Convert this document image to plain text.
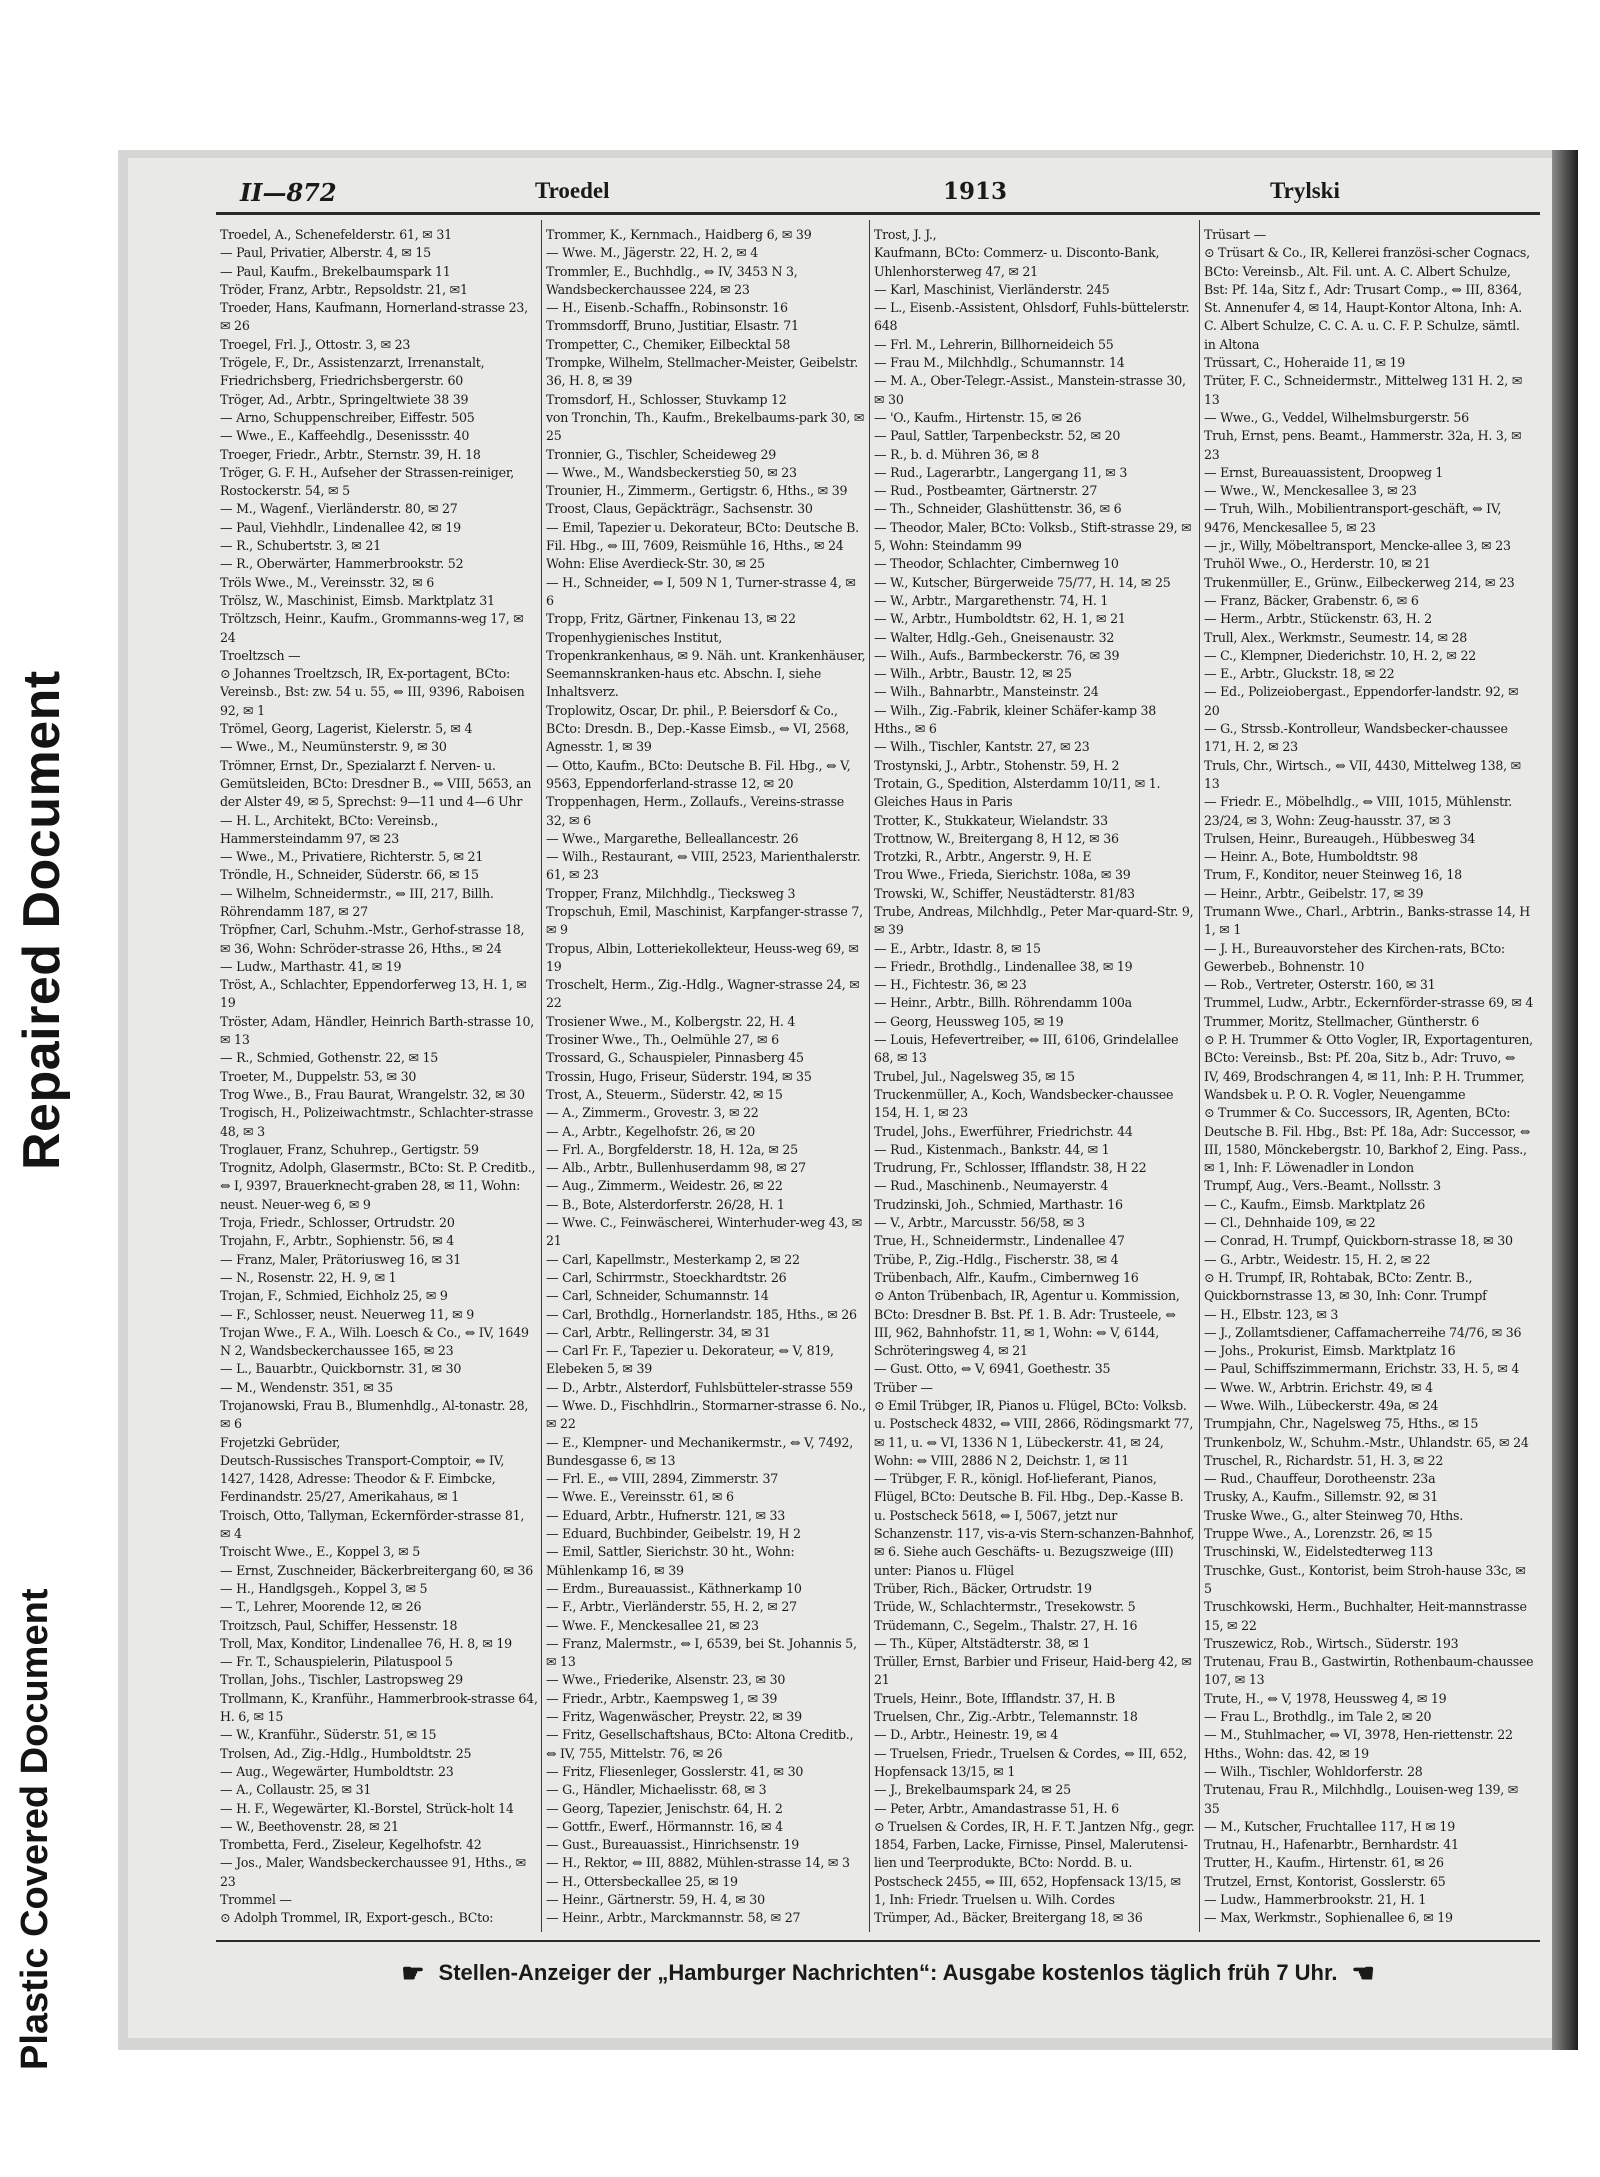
Repaired Document
Plastic Covered Document
II—872	Troedel	1913	Trylski
Troedel, A., Schenefelderstr. 61, ✉ 31
— Paul, Privatier, Alberstr. 4, ✉ 15
— Paul, Kaufm., Brekelbaumspark 11
Tröder, Franz, Arbtr., Repsoldstr. 21, ✉1
Troeder, Hans, Kaufmann, Hornerland-strasse 23, ✉ 26
Troegel, Frl. J., Ottostr. 3, ✉ 23
Trögele, F., Dr., Assistenzarzt, Irrenanstalt, Friedrichsberg, Friedrichsbergerstr. 60
Tröger, Ad., Arbtr., Springeltwiete 38 39
— Arno, Schuppenschreiber, Eiffestr. 505
— Wwe., E., Kaffeehdlg., Desenissstr. 40
Troeger, Friedr., Arbtr., Sternstr. 39, H. 18
Tröger, G. F. H., Aufseher der Strassen-reiniger, Rostockerstr. 54, ✉ 5
— M., Wagenf., Vierländerstr. 80, ✉ 27
— Paul, Viehhdlr., Lindenallee 42, ✉ 19
— R., Schubertstr. 3, ✉ 21
— R., Oberwärter, Hammerbrookstr. 52
Tröls Wwe., M., Vereinsstr. 32, ✉ 6
Trölsz, W., Maschinist, Eimsb. Marktplatz 31
Tröltzsch, Heinr., Kaufm., Grommanns-weg 17, ✉ 24
Troeltzsch —
⊙ Johannes Troeltzsch, IR, Ex-portagent, BCto: Vereinsb., Bst: zw. 54 u. 55, ⇔ III, 9396, Raboisen 92, ✉ 1
Trömel, Georg, Lagerist, Kielerstr. 5, ✉ 4
— Wwe., M., Neumünsterstr. 9, ✉ 30
Trömner, Ernst, Dr., Spezialarzt f. Nerven- u. Gemütsleiden, BCto: Dresdner B., ⇔ VIII, 5653, an der Alster 49, ✉ 5, Sprechst: 9—11 und 4—6 Uhr
— H. L., Architekt, BCto: Vereinsb., Hammersteindamm 97, ✉ 23
— Wwe., M., Privatiere, Richterstr. 5, ✉ 21
Tröndle, H., Schneider, Süderstr. 66, ✉ 15
— Wilhelm, Schneidermstr., ⇔ III, 217, Billh. Röhrendamm 187, ✉ 27
Tröpfner, Carl, Schuhm.-Mstr., Gerhof-strasse 18, ✉ 36, Wohn: Schröder-strasse 26, Hths., ✉ 24
— Ludw., Marthastr. 41, ✉ 19
Tröst, A., Schlachter, Eppendorferweg 13, H. 1, ✉ 19
Tröster, Adam, Händler, Heinrich Barth-strasse 10, ✉ 13
— R., Schmied, Gothenstr. 22, ✉ 15
Troeter, M., Duppelstr. 53, ✉ 30
Trog Wwe., B., Frau Baurat, Wrangelstr. 32, ✉ 30
Trogisch, H., Polizeiwachtmstr., Schlachter-strasse 48, ✉ 3
Troglauer, Franz, Schuhrep., Gertigstr. 59
Trognitz, Adolph, Glasermstr., BCto: St. P. Creditb., ⇔ I, 9397, Brauerknecht-graben 28, ✉ 11, Wohn: neust. Neuer-weg 6, ✉ 9
Troja, Friedr., Schlosser, Ortrudstr. 20
Trojahn, F., Arbtr., Sophienstr. 56, ✉ 4
— Franz, Maler, Prätoriusweg 16, ✉ 31
— N., Rosenstr. 22, H. 9, ✉ 1
Trojan, F., Schmied, Eichholz 25, ✉ 9
— F., Schlosser, neust. Neuerweg 11, ✉ 9
Trojan Wwe., F. A., Wilh. Loesch & Co., ⇔ IV, 1649 N 2, Wandsbeckerchaussee 165, ✉ 23
— L., Bauarbtr., Quickbornstr. 31, ✉ 30
— M., Wendenstr. 351, ✉ 35
Trojanowski, Frau B., Blumenhdlg., Al-tonastr. 28, ✉ 6
Frojetzki Gebrüder,
Deutsch-Russisches Transport-Comptoir, ⇔ IV, 1427, 1428, Adresse: Theodor & F. Eimbcke, Ferdinandstr. 25/27, Amerikahaus, ✉ 1
Troisch, Otto, Tallyman, Eckernförder-strasse 81, ✉ 4
Troischt Wwe., E., Koppel 3, ✉ 5
— Ernst, Zuschneider, Bäckerbreitergang 60, ✉ 36
— H., Handlgsgeh., Koppel 3, ✉ 5
— T., Lehrer, Moorende 12, ✉ 26
Troitzsch, Paul, Schiffer, Hessenstr. 18
Troll, Max, Konditor, Lindenallee 76, H. 8, ✉ 19
— Fr. T., Schauspielerin, Pilatuspool 5
Trollan, Johs., Tischler, Lastropsweg 29
Trollmann, K., Kranführ., Hammerbrook-strasse 64, H. 6, ✉ 15
— W., Kranführ., Süderstr. 51, ✉ 15
Trolsen, Ad., Zig.-Hdlg., Humboldtstr. 25
— Aug., Wegewärter, Humboldtstr. 23
— A., Collaustr. 25, ✉ 31
— H. F., Wegewärter, Kl.-Borstel, Strück-holt 14
— W., Beethovenstr. 28, ✉ 21
Trombetta, Ferd., Ziseleur, Kegelhofstr. 42
— Jos., Maler, Wandsbeckerchaussee 91, Hths., ✉ 23
Trommel —
⊙ Adolph Trommel, IR, Export-gesch., BCto:
Trommer, K., Kernmach., Haidberg 6, ✉ 39
— Wwe. M., Jägerstr. 22, H. 2, ✉ 4
Trommler, E., Buchhdlg., ⇔ IV, 3453 N 3, Wandsbeckerchaussee 224, ✉ 23
— H., Eisenb.-Schaffn., Robinsonstr. 16
Trommsdorff, Bruno, Justitiar, Elsastr. 71
Trompetter, C., Chemiker, Eilbecktal 58
Trompke, Wilhelm, Stellmacher-Meister, Geibelstr. 36, H. 8, ✉ 39
Tromsdorf, H., Schlosser, Stuvkamp 12
von Tronchin, Th., Kaufm., Brekelbaums-park 30, ✉ 25
Tronnier, G., Tischler, Scheideweg 29
— Wwe., M., Wandsbeckerstieg 50, ✉ 23
Trounier, H., Zimmerm., Gertigstr. 6, Hths., ✉ 39
Troost, Claus, Gepäckträgr., Sachsenstr. 30
— Emil, Tapezier u. Dekorateur, BCto: Deutsche B. Fil. Hbg., ⇔ III, 7609, Reismühle 16, Hths., ✉ 24 Wohn: Elise Averdieck-Str. 30, ✉ 25
— H., Schneider, ⇔ I, 509 N 1, Turner-strasse 4, ✉ 6
Tropp, Fritz, Gärtner, Finkenau 13, ✉ 22
Tropenhygienisches Institut,
Tropenkrankenhaus, ✉ 9. Näh. unt. Krankenhäuser, Seemannskranken-haus etc. Abschn. I, siehe Inhaltsverz.
Troplowitz, Oscar, Dr. phil., P. Beiersdorf & Co., BCto: Dresdn. B., Dep.-Kasse Eimsb., ⇔ VI, 2568, Agnesstr. 1, ✉ 39
— Otto, Kaufm., BCto: Deutsche B. Fil. Hbg., ⇔ V, 9563, Eppendorferland-strasse 12, ✉ 20
Troppenhagen, Herm., Zollaufs., Vereins-strasse 32, ✉ 6
— Wwe., Margarethe, Belleallancestr. 26
— Wilh., Restaurant, ⇔ VIII, 2523, Marienthalerstr. 61, ✉ 23
Tropper, Franz, Milchhdlg., Tiecksweg 3
Tropschuh, Emil, Maschinist, Karpfanger-strasse 7, ✉ 9
Tropus, Albin, Lotteriekollekteur, Heuss-weg 69, ✉ 19
Troschelt, Herm., Zig.-Hdlg., Wagner-strasse 24, ✉ 22
Trosiener Wwe., M., Kolbergstr. 22, H. 4
Trosiner Wwe., Th., Oelmühle 27, ✉ 6
Trossard, G., Schauspieler, Pinnasberg 45
Trossin, Hugo, Friseur, Süderstr. 194, ✉ 35
Trost, A., Steuerm., Süderstr. 42, ✉ 15
— A., Zimmerm., Grovestr. 3, ✉ 22
— A., Arbtr., Kegelhofstr. 26, ✉ 20
— Frl. A., Borgfelderstr. 18, H. 12a, ✉ 25
— Alb., Arbtr., Bullenhuserdamm 98, ✉ 27
— Aug., Zimmerm., Weidestr. 26, ✉ 22
— B., Bote, Alsterdorferstr. 26/28, H. 1
— Wwe. C., Feinwäscherei, Winterhuder-weg 43, ✉ 21
— Carl, Kapellmstr., Mesterkamp 2, ✉ 22
— Carl, Schirrmstr., Stoeckhardtstr. 26
— Carl, Schneider, Schumannstr. 14
— Carl, Brothdlg., Hornerlandstr. 185, Hths., ✉ 26
— Carl, Arbtr., Rellingerstr. 34, ✉ 31
— Carl Fr. F., Tapezier u. Dekorateur, ⇔ V, 819, Elebeken 5, ✉ 39
— D., Arbtr., Alsterdorf, Fuhlsbütteler-strasse 559
— Wwe. D., Fischhdlrin., Stormarner-strasse 6. No., ✉ 22
— E., Klempner- und Mechanikermstr., ⇔ V, 7492, Bundesgasse 6, ✉ 13
— Frl. E., ⇔ VIII, 2894, Zimmerstr. 37
— Wwe. E., Vereinsstr. 61, ✉ 6
— Eduard, Arbtr., Hufnerstr. 121, ✉ 33
— Eduard, Buchbinder, Geibelstr. 19, H 2
— Emil, Sattler, Sierichstr. 30 ht., Wohn: Mühlenkamp 16, ✉ 39
— Erdm., Bureauassist., Käthnerkamp 10
— F., Arbtr., Vierländerstr. 55, H. 2, ✉ 27
— Wwe. F., Menckesallee 21, ✉ 23
— Franz, Malermstr., ⇔ I, 6539, bei St. Johannis 5, ✉ 13
— Wwe., Friederike, Alsenstr. 23, ✉ 30
— Friedr., Arbtr., Kaempsweg 1, ✉ 39
— Fritz, Wagenwäscher, Preystr. 22, ✉ 39
— Fritz, Gesellschaftshaus, BCto: Altona Creditb., ⇔ IV, 755, Mittelstr. 76, ✉ 26
— Fritz, Fliesenleger, Gosslerstr. 41, ✉ 30
— G., Händler, Michaelisstr. 68, ✉ 3
— Georg, Tapezier, Jenischstr. 64, H. 2
— Gottfr., Ewerf., Hörmannstr. 16, ✉ 4
— Gust., Bureauassist., Hinrichsenstr. 19
— H., Rektor, ⇔ III, 8882, Mühlen-strasse 14, ✉ 3
— H., Ottersbeckallee 25, ✉ 19
— Heinr., Gärtnerstr. 59, H. 4, ✉ 30
— Heinr., Arbtr., Marckmannstr. 58, ✉ 27
Trost, J. J.,
Kaufmann, BCto: Commerz- u. Disconto-Bank, Uhlenhorsterweg 47, ✉ 21
— Karl, Maschinist, Vierländerstr. 245
— L., Eisenb.-Assistent, Ohlsdorf, Fuhls-büttelerstr. 648
— Frl. M., Lehrerin, Billhorneideich 55
— Frau M., Milchhdlg., Schumannstr. 14
— M. A., Ober-Telegr.-Assist., Manstein-strasse 30, ✉ 30
— 'O., Kaufm., Hirtenstr. 15, ✉ 26
— Paul, Sattler, Tarpenbeckstr. 52, ✉ 20
— R., b. d. Mühren 36, ✉ 8
— Rud., Lagerarbtr., Langergang 11, ✉ 3
— Rud., Postbeamter, Gärtnerstr. 27
— Th., Schneider, Glashüttenstr. 36, ✉ 6
— Theodor, Maler, BCto: Volksb., Stift-strasse 29, ✉ 5, Wohn: Steindamm 99
— Theodor, Schlachter, Cimbernweg 10
— W., Kutscher, Bürgerweide 75/77, H. 14, ✉ 25
— W., Arbtr., Margarethenstr. 74, H. 1
— W., Arbtr., Humboldtstr. 62, H. 1, ✉ 21
— Walter, Hdlg.-Geh., Gneisenaustr. 32
— Wilh., Aufs., Barmbeckerstr. 76, ✉ 39
— Wilh., Arbtr., Baustr. 12, ✉ 25
— Wilh., Bahnarbtr., Mansteinstr. 24
— Wilh., Zig.-Fabrik, kleiner Schäfer-kamp 38 Hths., ✉ 6
— Wilh., Tischler, Kantstr. 27, ✉ 23
Trostynski, J., Arbtr., Stohenstr. 59, H. 2
Trotain, G., Spedition, Alsterdamm 10/11, ✉ 1. Gleiches Haus in Paris
Trotter, K., Stukkateur, Wielandstr. 33
Trottnow, W., Breitergang 8, H 12, ✉ 36
Trotzki, R., Arbtr., Angerstr. 9, H. E
Trou Wwe., Frieda, Sierichstr. 108a, ✉ 39
Trowski, W., Schiffer, Neustädterstr. 81/83
Trube, Andreas, Milchhdlg., Peter Mar-quard-Str. 9, ✉ 39
— E., Arbtr., Idastr. 8, ✉ 15
— Friedr., Brothdlg., Lindenallee 38, ✉ 19
— H., Fichtestr. 36, ✉ 23
— Heinr., Arbtr., Billh. Röhrendamm 100a
— Georg, Heussweg 105, ✉ 19
— Louis, Hefevertreiber, ⇔ III, 6106, Grindelallee 68, ✉ 13
Trubel, Jul., Nagelsweg 35, ✉ 15
Truckenmüller, A., Koch, Wandsbecker-chaussee 154, H. 1, ✉ 23
Trudel, Johs., Ewerführer, Friedrichstr. 44
— Rud., Kistenmach., Bankstr. 44, ✉ 1
Trudrung, Fr., Schlosser, Ifflandstr. 38, H 22
— Rud., Maschinenb., Neumayerstr. 4
Trudzinski, Joh., Schmied, Marthastr. 16
— V., Arbtr., Marcusstr. 56/58, ✉ 3
True, H., Schneidermstr., Lindenallee 47
Trübe, P., Zig.-Hdlg., Fischerstr. 38, ✉ 4
Trübenbach, Alfr., Kaufm., Cimbernweg 16
⊙ Anton Trübenbach, IR, Agentur u. Kommission, BCto: Dresdner B. Bst. Pf. 1. B. Adr: Trusteele, ⇔ III, 962, Bahnhofstr. 11, ✉ 1, Wohn: ⇔ V, 6144, Schröteringsweg 4, ✉ 21
— Gust. Otto, ⇔ V, 6941, Goethestr. 35
Trüber —
⊙ Emil Trübger, IR, Pianos u. Flügel, BCto: Volksb. u. Postscheck 4832, ⇔ VIII, 2866, Rödingsmarkt 77, ✉ 11, u. ⇔ VI, 1336 N 1, Lübeckerstr. 41, ✉ 24, Wohn: ⇔ VIII, 2886 N 2, Deichstr. 1, ✉ 11
— Trübger, F. R., königl. Hof-lieferant, Pianos, Flügel, BCto: Deutsche B. Fil. Hbg., Dep.-Kasse B. u. Postscheck 5618, ⇔ I, 5067, jetzt nur Schanzenstr. 117, vis-a-vis Stern-schanzen-Bahnhof, ✉ 6. Siehe auch Geschäfts- u. Bezugszweige (III) unter: Pianos u. Flügel
Trüber, Rich., Bäcker, Ortrudstr. 19
Trüde, W., Schlachtermstr., Tresekowstr. 5
Trüdemann, C., Segelm., Thalstr. 27, H. 16
— Th., Küper, Altstädterstr. 38, ✉ 1
Trüller, Ernst, Barbier und Friseur, Haid-berg 42, ✉ 21
Truels, Heinr., Bote, Ifflandstr. 37, H. B
Truelsen, Chr., Zig.-Arbtr., Telemannstr. 18
— D., Arbtr., Heinestr. 19, ✉ 4
— Truelsen, Friedr., Truelsen & Cordes, ⇔ III, 652, Hopfensack 13/15, ✉ 1
— J., Brekelbaumspark 24, ✉ 25
— Peter, Arbtr., Amandastrasse 51, H. 6
⊙ Truelsen & Cordes, IR, H. F. T. Jantzen Nfg., gegr. 1854, Farben, Lacke, Firnisse, Pinsel, Malerutensi-lien und Teerprodukte, BCto: Nordd. B. u. Postscheck 2455, ⇔ III, 652, Hopfensack 13/15, ✉ 1, Inh: Friedr. Truelsen u. Wilh. Cordes
Trümper, Ad., Bäcker, Breitergang 18, ✉ 36
Trüsart —
⊙ Trüsart & Co., IR, Kellerei französi-scher Cognacs, BCto: Vereinsb., Alt. Fil. unt. A. C. Albert Schulze, Bst: Pf. 14a, Sitz f., Adr: Trusart Comp., ⇔ III, 8364, St. Annenufer 4, ✉ 14, Haupt-Kontor Altona, Inh: A. C. Albert Schulze, C. C. A. u. C. F. P. Schulze, sämtl. in Altona
Trüssart, C., Hoheraide 11, ✉ 19
Trüter, F. C., Schneidermstr., Mittelweg 131 H. 2, ✉ 13
— Wwe., G., Veddel, Wilhelmsburgerstr. 56
Truh, Ernst, pens. Beamt., Hammerstr. 32a, H. 3, ✉ 23
— Ernst, Bureauassistent, Droopweg 1
— Wwe., W., Menckesallee 3, ✉ 23
— Truh, Wilh., Mobilientransport-geschäft, ⇔ IV, 9476, Menckesallee 5, ✉ 23
— jr., Willy, Möbeltransport, Mencke-allee 3, ✉ 23
Truhöl Wwe., O., Herderstr. 10, ✉ 21
Trukenmüller, E., Grünw., Eilbeckerweg 214, ✉ 23
— Franz, Bäcker, Grabenstr. 6, ✉ 6
— Herm., Arbtr., Stückenstr. 63, H. 2
Trull, Alex., Werkmstr., Seumestr. 14, ✉ 28
— C., Klempner, Diederichstr. 10, H. 2, ✉ 22
— E., Arbtr., Gluckstr. 18, ✉ 22
— Ed., Polizeiobergast., Eppendorfer-landstr. 92, ✉ 20
— G., Strssb.-Kontrolleur, Wandsbecker-chaussee 171, H. 2, ✉ 23
Truls, Chr., Wirtsch., ⇔ VII, 4430, Mittelweg 138, ✉ 13
— Friedr. E., Möbelhdlg., ⇔ VIII, 1015, Mühlenstr. 23/24, ✉ 3, Wohn: Zeug-hausstr. 37, ✉ 3
Trulsen, Heinr., Bureaugeh., Hübbesweg 34
— Heinr. A., Bote, Humboldtstr. 98
Trum, F., Konditor, neuer Steinweg 16, 18
— Heinr., Arbtr., Geibelstr. 17, ✉ 39
Trumann Wwe., Charl., Arbtrin., Banks-strasse 14, H 1, ✉ 1
— J. H., Bureauvorsteher des Kirchen-rats, BCto: Gewerbeb., Bohnenstr. 10
— Rob., Vertreter, Osterstr. 160, ✉ 31
Trummel, Ludw., Arbtr., Eckernförder-strasse 69, ✉ 4
Trummer, Moritz, Stellmacher, Güntherstr. 6
⊙ P. H. Trummer & Otto Vogler, IR, Exportagenturen, BCto: Vereinsb., Bst: Pf. 20a, Sitz b., Adr: Truvo, ⇔ IV, 469, Brodschrangen 4, ✉ 11, Inh: P. H. Trummer, Wandsbek u. P. O. R. Vogler, Neuengamme
⊙ Trummer & Co. Successors, IR, Agenten, BCto: Deutsche B. Fil. Hbg., Bst: Pf. 18a, Adr: Successor, ⇔ III, 1580, Mönckebergstr. 10, Barkhof 2, Eing. Pass., ✉ 1, Inh: F. Löwenadler in London
Trumpf, Aug., Vers.-Beamt., Nollsstr. 3
— C., Kaufm., Eimsb. Marktplatz 26
— Cl., Dehnhaide 109, ✉ 22
— Conrad, H. Trumpf, Quickborn-strasse 18, ✉ 30
— G., Arbtr., Weidestr. 15, H. 2, ✉ 22
⊙ H. Trumpf, IR, Rohtabak, BCto: Zentr. B., Quickbornstrasse 13, ✉ 30, Inh: Conr. Trumpf
— H., Elbstr. 123, ✉ 3
— J., Zollamtsdiener, Caffamacherreihe 74/76, ✉ 36
— Johs., Prokurist, Eimsb. Marktplatz 16
— Paul, Schiffszimmermann, Erichstr. 33, H. 5, ✉ 4
— Wwe. W., Arbtrin. Erichstr. 49, ✉ 4
— Wwe. Wilh., Lübeckerstr. 49a, ✉ 24
Trumpjahn, Chr., Nagelsweg 75, Hths., ✉ 15
Trunkenbolz, W., Schuhm.-Mstr., Uhlandstr. 65, ✉ 24
Truschel, R., Richardstr. 51, H. 3, ✉ 22
— Rud., Chauffeur, Dorotheenstr. 23a
Trusky, A., Kaufm., Sillemstr. 92, ✉ 31
Truske Wwe., G., alter Steinweg 70, Hths.
Truppe Wwe., A., Lorenzstr. 26, ✉ 15
Truschinski, W., Eidelstedterweg 113
Truschke, Gust., Kontorist, beim Stroh-hause 33c, ✉ 5
Truschkowski, Herm., Buchhalter, Heit-mannstrasse 15, ✉ 22
Truszewicz, Rob., Wirtsch., Süderstr. 193
Trutenau, Frau B., Gastwirtin, Rothenbaum-chaussee 107, ✉ 13
Trute, H., ⇔ V, 1978, Heussweg 4, ✉ 19
— Frau L., Brothdlg., im Tale 2, ✉ 20
— M., Stuhlmacher, ⇔ VI, 3978, Hen-riettenstr. 22 Hths., Wohn: das. 42, ✉ 19
— Wilh., Tischler, Wohldorferstr. 28
Trutenau, Frau R., Milchhdlg., Louisen-weg 139, ✉ 35
— M., Kutscher, Fruchtallee 117, H ✉ 19
Trutnau, H., Hafenarbtr., Bernhardstr. 41
Trutter, H., Kaufm., Hirtenstr. 61, ✉ 26
Trutzel, Ernst, Kontorist, Gosslerstr. 65
— Ludw., Hammerbrookstr. 21, H. 1
— Max, Werkmstr., Sophienallee 6, ✉ 19
☛ Stellen-Anzeiger der „Hamburger Nachrichten“: Ausgabe kostenlos täglich früh 7 Uhr. ☚
